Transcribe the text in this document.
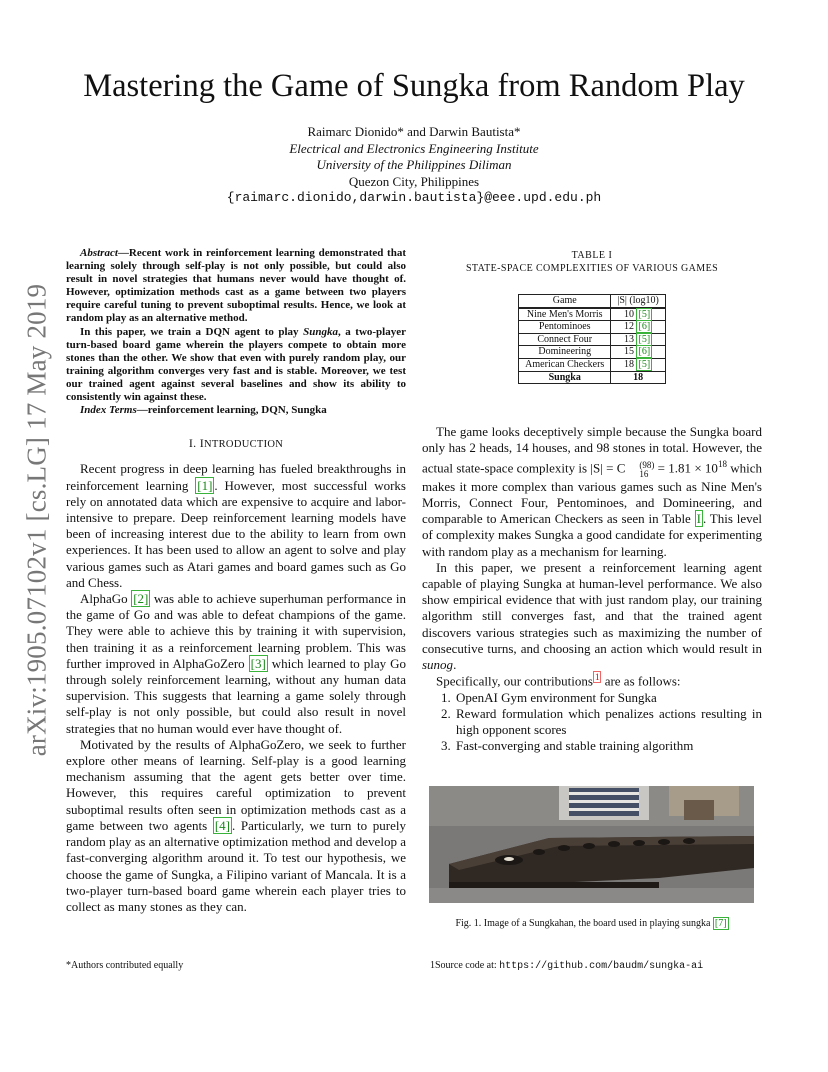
arXiv:1905.07102v1 [cs.LG] 17 May 2019
Mastering the Game of Sungka from Random Play
Raimarc Dionido* and Darwin Bautista*
Electrical and Electronics Engineering Institute
University of the Philippines Diliman
Quezon City, Philippines
{raimarc.dionido,darwin.bautista}@eee.upd.edu.ph

Abstract—Recent work in reinforcement learning demonstrated that learning solely through self-play is not only possible, but could also result in novel strategies that humans never would have thought of. However, optimization methods cast as a game between two players require careful tuning to prevent suboptimal results. Hence, we look at random play as an alternative method.

In this paper, we train a DQN agent to play Sungka, a two-player turn-based board game wherein the players compete to obtain more stones than the other. We show that even with purely random play, our training algorithm converges very fast and is stable. Moreover, we test our trained agent against several baselines and show its ability to consistently win against these.

Index Terms—reinforcement learning, DQN, Sungka

I. INTRODUCTION

Recent progress in deep learning has fueled breakthroughs in reinforcement learning [1] . However, most successful works rely on annotated data which are expensive to acquire and labor-intensive to prepare. Deep reinforcement learning models have been of increasing interest due to the ability to learn from own experiences. It has been used to allow an agent to solve and play various games such as Atari games and board games such as Go and Chess.

AlphaGo [2] was able to achieve superhuman performance in the game of Go and was able to defeat champions of the game. They were able to achieve this by training it with supervision, then training it as a reinforcement learning problem. This was further improved in AlphaGoZero [3] which learned to play Go through solely reinforcement learning, without any human data supervision. This suggests that learning a game solely through self-play is not only possible, but could also result in novel strategies that no human would ever have thought of.

Motivated by the results of AlphaGoZero, we seek to further explore other means of learning. Self-play is a good learning mechanism assuming that the agent gets better over time. However, this requires careful optimization to prevent suboptimal results often seen in optimization methods cast as a game between two agents [4] . Particularly, we turn to purely random play as an alternative optimization method and develop a fast-converging algorithm around it. To test our hypothesis, we choose the game of Sungka, a Filipino variant of Mancala. It is a two-player turn-based board game wherein each player tries to collect as many stones as they can.

TABLE I
STATE-SPACE COMPLEXITIES OF VARIOUS GAMES
Game	|S| (log10)
Nine Men's Morris	10 [5]
Pentominoes	12 [6]
Connect Four	13 [5]
Domineering	15 [6]
American Checkers	18 [5]
Sungka	18

The game looks deceptively simple because the Sungka board only has 2 heads, 14 houses, and 98 stones in total. However, the actual state-space complexity is |S| = C	(98)
$16 = 1.81 \times 10^{18}$ which makes it more complex than various games such as Nine Men's Morris, Connect Four, Pentominoes, and Domineering, and comparable to American Checkers as seen in Table I . This level of complexity makes Sungka a good candidate for experimenting with random play as a mechanism for learning.

In this paper, we present a reinforcement learning agent capable of playing Sungka at human-level performance. We also show empirical evidence that with just random play, our training algorithm still converges fast, and that the trained agent discovers various strategies such as maximizing the number of consecutive turns, and choosing an action which would result in sunog.

Specifically, our contributions $^1$ are as follows:

1. OpenAI Gym environment for Sungka
2. Reward formulation which penalizes actions resulting in high opponent scores
3. Fast-converging and stable training algorithm
Fig. 1. Image of a Sungkahan, the board used in playing sungka [7]
*Authors contributed equally	1Source code at: https://github.com/baudm/sungka-ai
